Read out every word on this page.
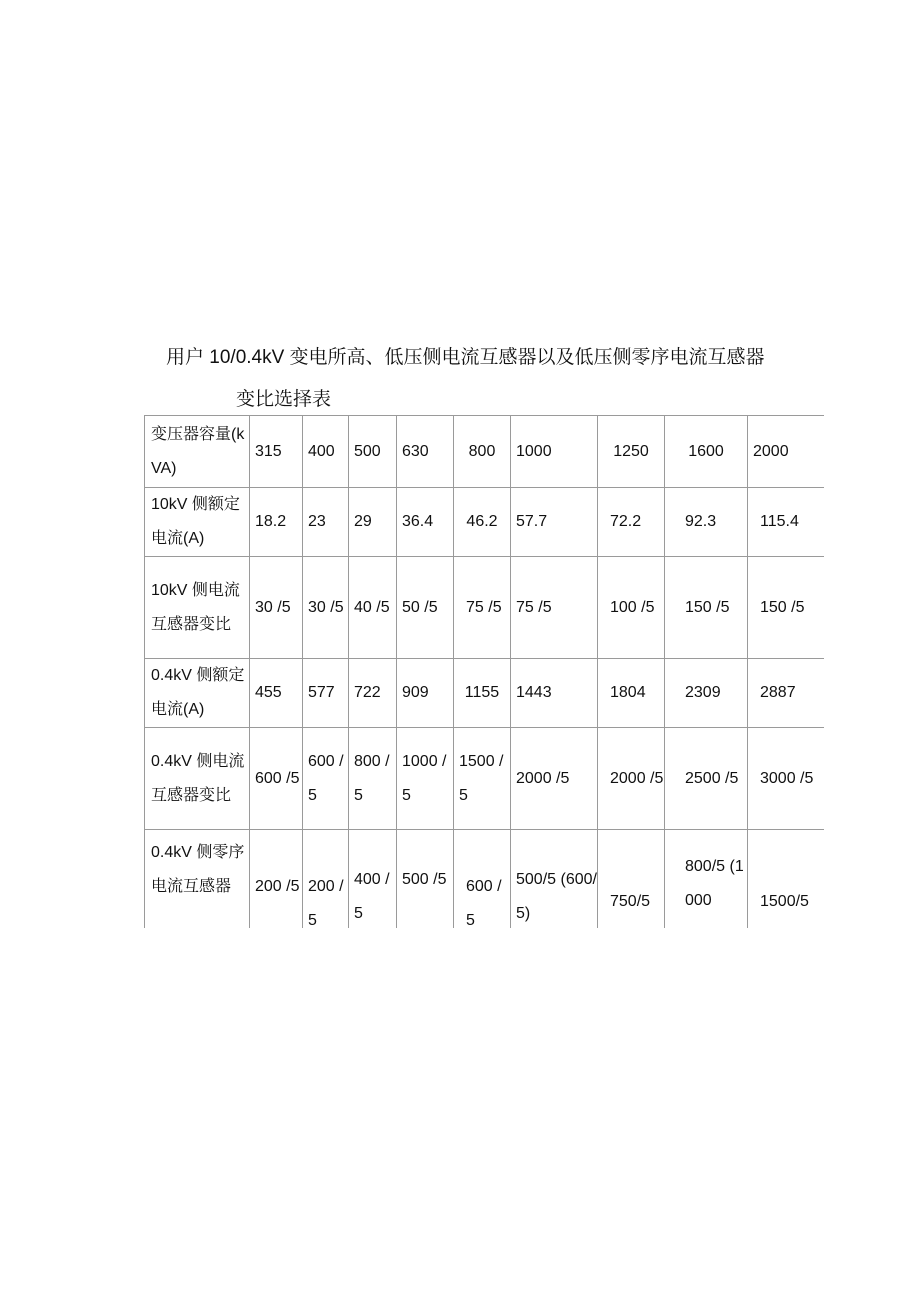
用户 10/0.4kV 变电所高、低压侧电流互感器以及低压侧零序电流互感器
变比选择表
变压器容量(kVA)	315	400	500	630	800	1000	1250	1600	2000
10kV 侧额定电流(A)	18.2	23	29	36.4	46.2	57.7	72.2	92.3	115.4
10kV 侧电流互感器变比	30 /5	30 /5	40 /5	50 /5	75 /5	75 /5	100 /5	150 /5	150 /5
0.4kV 侧额定电流(A)	455	577	722	909	1155	1443	1804	2309	2887
0.4kV 侧电流互感器变比	600 /5	600 /5	800 /5	1000 /5	1500 /5	2000 /5	2000 /5	2500 /5	3000 /5
0.4kV 侧零序电流互感器	200 /5	200 /5	400 /5	500 /5	600 /5	500/5 (600/5)	750/5	800/5 (1000	1500/5
